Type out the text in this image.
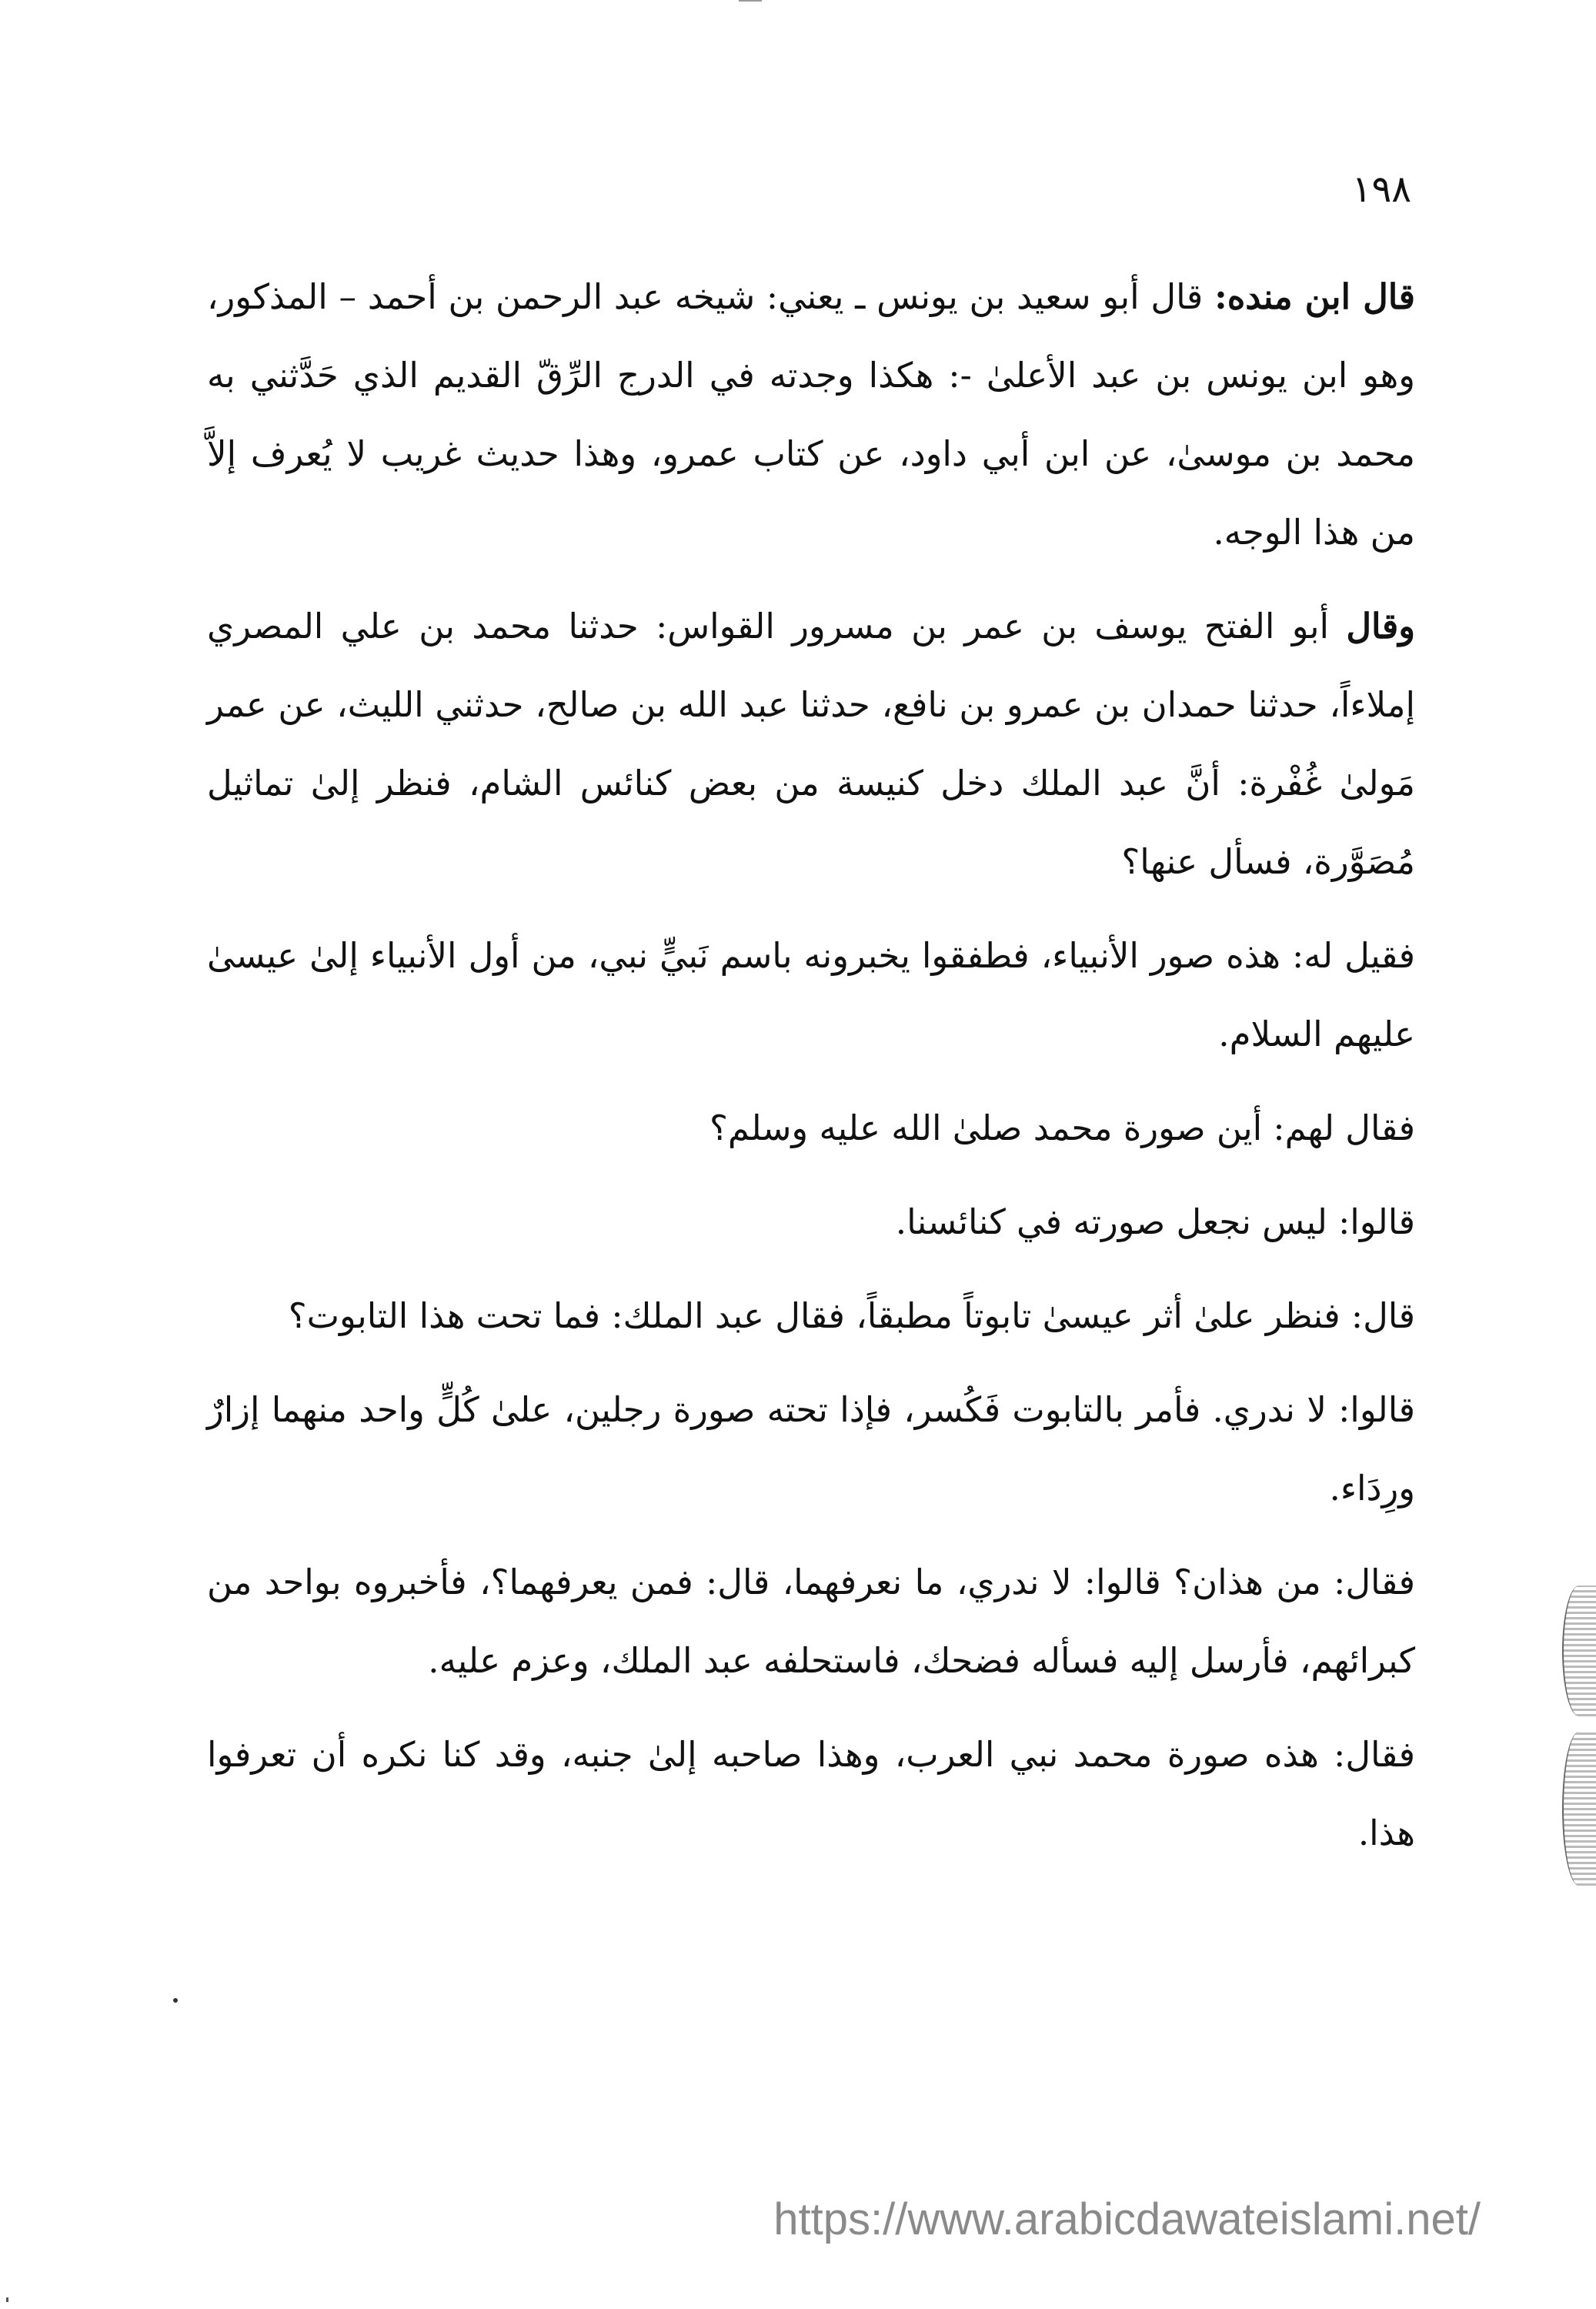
١٩٨

قال ابن منده: قال أبو سعيد بن يونس ـ يعني: شيخه عبد الرحمن بن أحمد – المذكور، وهو ابن يونس بن عبد الأعلىٰ -: هكذا وجدته في الدرج الرِّقّ القديم الذي حَدَّثني به محمد بن موسىٰ، عن ابن أبي داود، عن كتاب عمرو، وهذا حديث غريب لا يُعرف إلاَّ من هذا الوجه.

وقال أبو الفتح يوسف بن عمر بن مسرور القواس: حدثنا محمد بن علي المصري إملاءاً، حدثنا حمدان بن عمرو بن نافع، حدثنا عبد الله بن صالح، حدثني الليث، عن عمر مَولىٰ غُفْرة: أنَّ عبد الملك دخل كنيسة من بعض كنائس الشام، فنظر إلىٰ تماثيل مُصَوَّرة، فسأل عنها؟

فقيل له: هذه صور الأنبياء، فطفقوا يخبرونه باسم نَبيٍّ نبي، من أول الأنبياء إلىٰ عيسىٰ عليهم السلام.

فقال لهم: أين صورة محمد صلىٰ الله عليه وسلم؟

قالوا: ليس نجعل صورته في كنائسنا.

قال: فنظر علىٰ أثر عيسىٰ تابوتاً مطبقاً، فقال عبد الملك: فما تحت هذا التابوت؟

قالوا: لا ندري. فأمر بالتابوت فَكُسر، فإذا تحته صورة رجلين، علىٰ كُلٍّ واحد منهما إزارٌ ورِدَاء.

فقال: من هذان؟ قالوا: لا ندري، ما نعرفهما، قال: فمن يعرفهما؟، فأخبروه بواحد من كبرائهم، فأرسل إليه فسأله فضحك، فاستحلفه عبد الملك، وعزم عليه.

فقال: هذه صورة محمد نبي العرب، وهذا صاحبه إلىٰ جنبه، وقد كنا نكره أن تعرفوا هذا.

https://www.arabicdawateislami.net/
